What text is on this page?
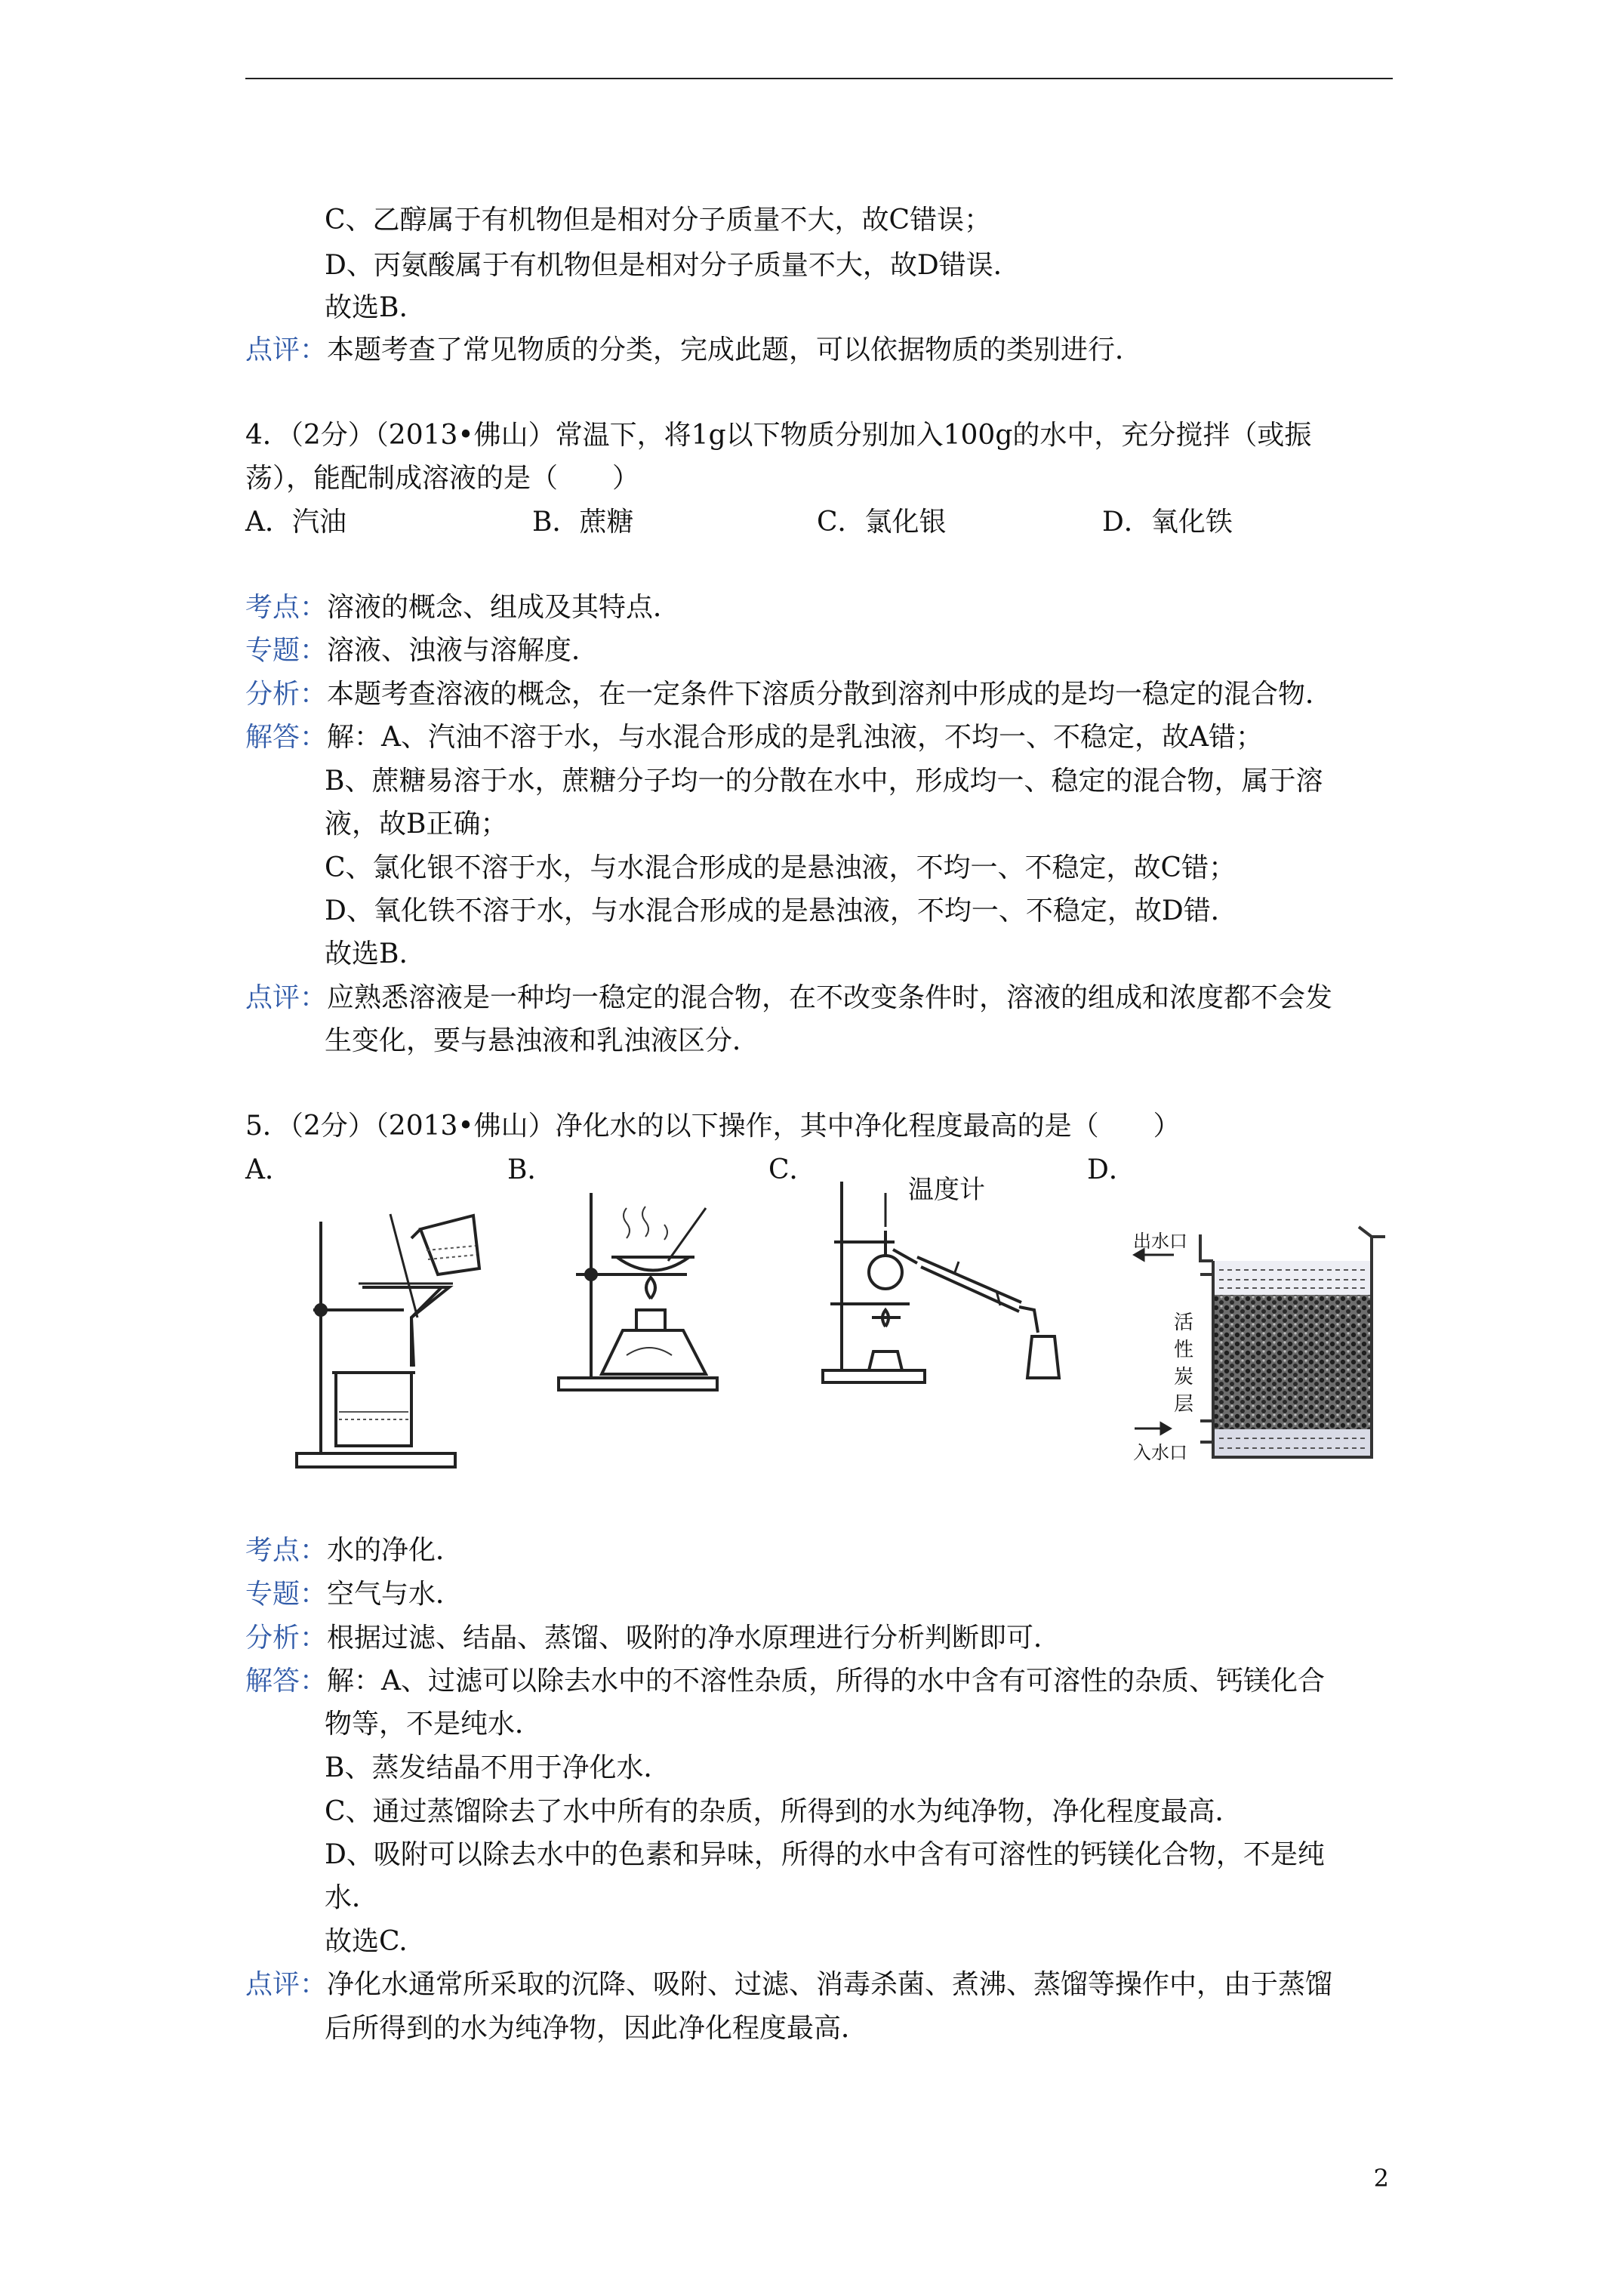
C、乙醇属于有机物但是相对分子质量不大，故C错误；
D、丙氨酸属于有机物但是相对分子质量不大，故D错误．
故选B.
点评：本题考查了常见物质的分类，完成此题，可以依据物质的类别进行．
4．（2分）（2013•佛山）常温下，将1g以下物质分别加入100g的水中，充分搅拌（或振
荡），能配制成溶液的是（　　）
A．汽油	B．蔗糖	C．氯化银	D．氧化铁
考点：溶液的概念、组成及其特点．
专题：溶液、浊液与溶解度．
分析：本题考查溶液的概念，在一定条件下溶质分散到溶剂中形成的是均一稳定的混合物．
解答：解：A、汽油不溶于水，与水混合形成的是乳浊液，不均一、不稳定，故A错；
B、蔗糖易溶于水，蔗糖分子均一的分散在水中，形成均一、稳定的混合物，属于溶
液，故B正确；
C、氯化银不溶于水，与水混合形成的是悬浊液，不均一、不稳定，故C错；
D、氧化铁不溶于水，与水混合形成的是悬浊液，不均一、不稳定，故D错．
故选B.
点评：应熟悉溶液是一种均一稳定的混合物，在不改变条件时，溶液的组成和浓度都不会发
生变化，要与悬浊液和乳浊液区分．
5．（2分）（2013•佛山）净化水的以下操作，其中净化程度最高的是（　　）
A．	B．	C．	D．
温度计
出水口
入水口
活
性
炭
层
考点：水的净化．
专题：空气与水．
分析：根据过滤、结晶、蒸馏、吸附的净水原理进行分析判断即可．
解答：解：A、过滤可以除去水中的不溶性杂质，所得的水中含有可溶性的杂质、钙镁化合
物等，不是纯水．
B、蒸发结晶不用于净化水．
C、通过蒸馏除去了水中所有的杂质，所得到的水为纯净物，净化程度最高．
D、吸附可以除去水中的色素和异味，所得的水中含有可溶性的钙镁化合物，不是纯
水．
故选C.
点评：净化水通常所采取的沉降、吸附、过滤、消毒杀菌、煮沸、蒸馏等操作中，由于蒸馏
后所得到的水为纯净物，因此净化程度最高．
2
